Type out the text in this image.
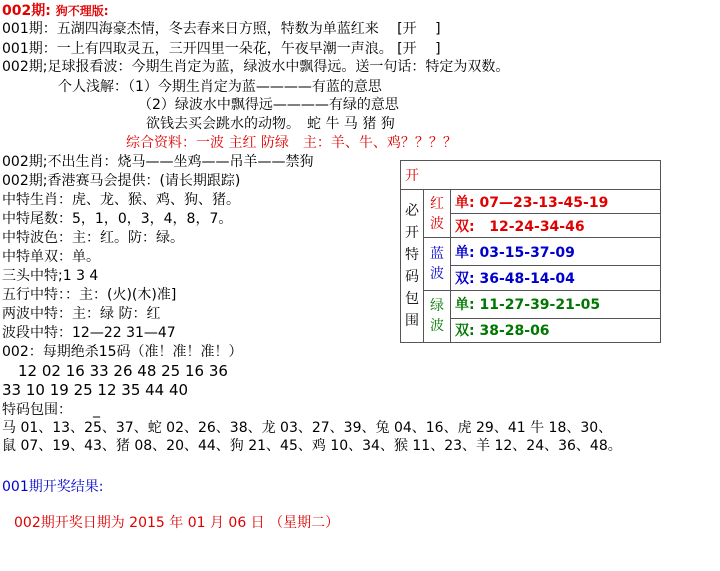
002期: 狗不理版:
001期：五湖四海豪杰情，冬去春来日方照，特数为单蓝红来　 [开　 ]
001期：一上有四取灵五，三开四里一朵花，午夜早潮一声浪。 [开　 ]
002期;足球报看波：今期生肖定为蓝，绿波水中飘得远。送一句话：特定为双数。
个人浅解：（1）今期生肖定为蓝————有蓝的意思
（2）绿波水中飘得远————有绿的意思
欲钱去买会跳水的动物。　蛇 牛 马 猪 狗
综合资料：一波 主红 防绿　主：羊、牛、鸡？？？？
002期;不出生肖：烧马——坐鸡——吊羊——禁狗
002期;香港赛马会提供：(请长期跟踪)
中特生肖：虎、龙、猴、鸡、狗、猪。
中特尾数：5，1，0，3，4，8，7。
中特波色：主：红。防：绿。
中特单双：单。
三头中特;1 3 4
五行中特：：主：(火)(木)准]
两波中特：主：绿 防：红
波段中特：12—22 31—47
002：每期绝杀15码（准！准！准！）
12 02 16 33 26 48 25 16 36
33 10 19 25 12 35 44 40
特码包围：　　_
马 01、13、25、37、蛇 02、26、38、龙 03、27、39、兔 04、16、虎 29、41 牛 18、30、
鼠 07、19、43、猪 08、20、44、狗 21、45、鸡 10、34、猴 11、23、羊 12、24、36、48。
001期开奖结果:
002期开奖日期为 2015 年 01 月 06 日 （星期二）
开		
必开特码包围	红波	单: 07—23-13-45-19
		双: 12-24-34-46
	蓝波	单: 03-15-37-09
		双: 36-48-14-04
	绿波	单: 11-27-39-21-05
		双: 38-28-06
